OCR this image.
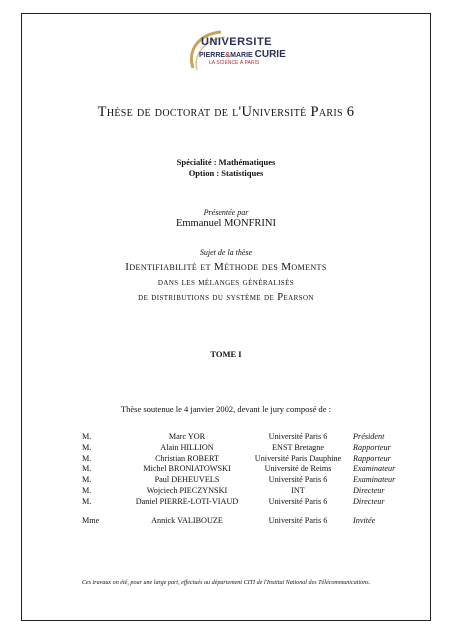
UNIVERSITE
PIERRE&MARIE CURIE
LA SCIENCE À PARIS
Thèse de doctorat de l'Université Paris 6
Spécialité : Mathématiques
Option : Statistiques
Présentée par
Emmanuel MONFRINI
Sujet de la thèse
Identifiabilité et Méthode des Moments
dans les mélanges généralisés
de distributions du système de Pearson
TOME I
Thèse soutenue le 4 janvier 2002, devant le jury composé de :
M.	Marc YOR	Université Paris 6	Président
M.	Alain HILLION	ENST Bretagne	Rapporteur
M.	Christian ROBERT	Université Paris Dauphine	Rapporteur
M.	Michel BRONIATOWSKI	Université de Reims	Examinateur
M.	Paul DEHEUVELS	Université Paris 6	Examinateur
M.	Wojciech PIECZYNSKI	INT	Directeur
M.	Daniel PIERRE-LOTI-VIAUD	Université Paris 6	Directeur

Mme	Annick VALIBOUZE	Université Paris 6	Invitée
Ces travaux on été, pour une large part, effectués au département CITI de l'Institut National des Télécommunications.
